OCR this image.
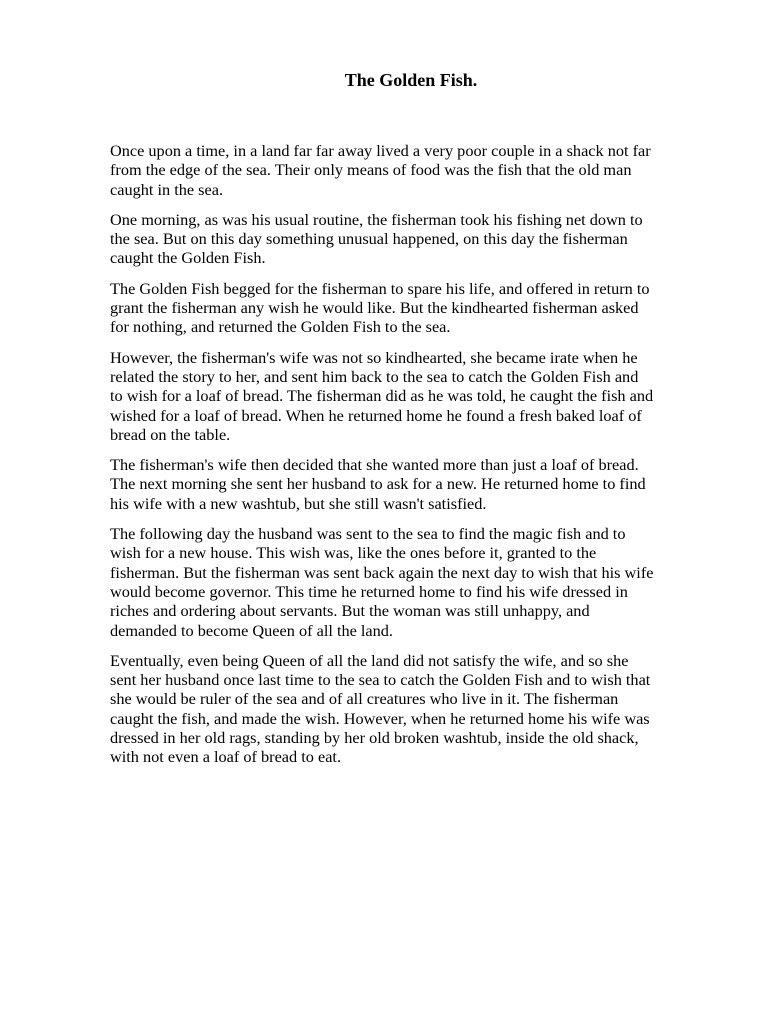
The Golden Fish.

Once upon a time, in a land far far away lived a very poor couple in a shack not far
from the edge of the sea. Their only means of food was the fish that the old man
caught in the sea.

One morning, as was his usual routine, the fisherman took his fishing net down to
the sea. But on this day something unusual happened, on this day the fisherman
caught the Golden Fish.

The Golden Fish begged for the fisherman to spare his life, and offered in return to
grant the fisherman any wish he would like. But the kindhearted fisherman asked
for nothing, and returned the Golden Fish to the sea.

However, the fisherman's wife was not so kindhearted, she became irate when he
related the story to her, and sent him back to the sea to catch the Golden Fish and
to wish for a loaf of bread. The fisherman did as he was told, he caught the fish and
wished for a loaf of bread. When he returned home he found a fresh baked loaf of
bread on the table.

The fisherman's wife then decided that she wanted more than just a loaf of bread.
The next morning she sent her husband to ask for a new. He returned home to find
his wife with a new washtub, but she still wasn't satisfied.

The following day the husband was sent to the sea to find the magic fish and to
wish for a new house. This wish was, like the ones before it, granted to the
fisherman. But the fisherman was sent back again the next day to wish that his wife
would become governor. This time he returned home to find his wife dressed in
riches and ordering about servants. But the woman was still unhappy, and
demanded to become Queen of all the land.

Eventually, even being Queen of all the land did not satisfy the wife, and so she
sent her husband once last time to the sea to catch the Golden Fish and to wish that
she would be ruler of the sea and of all creatures who live in it. The fisherman
caught the fish, and made the wish. However, when he returned home his wife was
dressed in her old rags, standing by her old broken washtub, inside the old shack,
with not even a loaf of bread to eat.
